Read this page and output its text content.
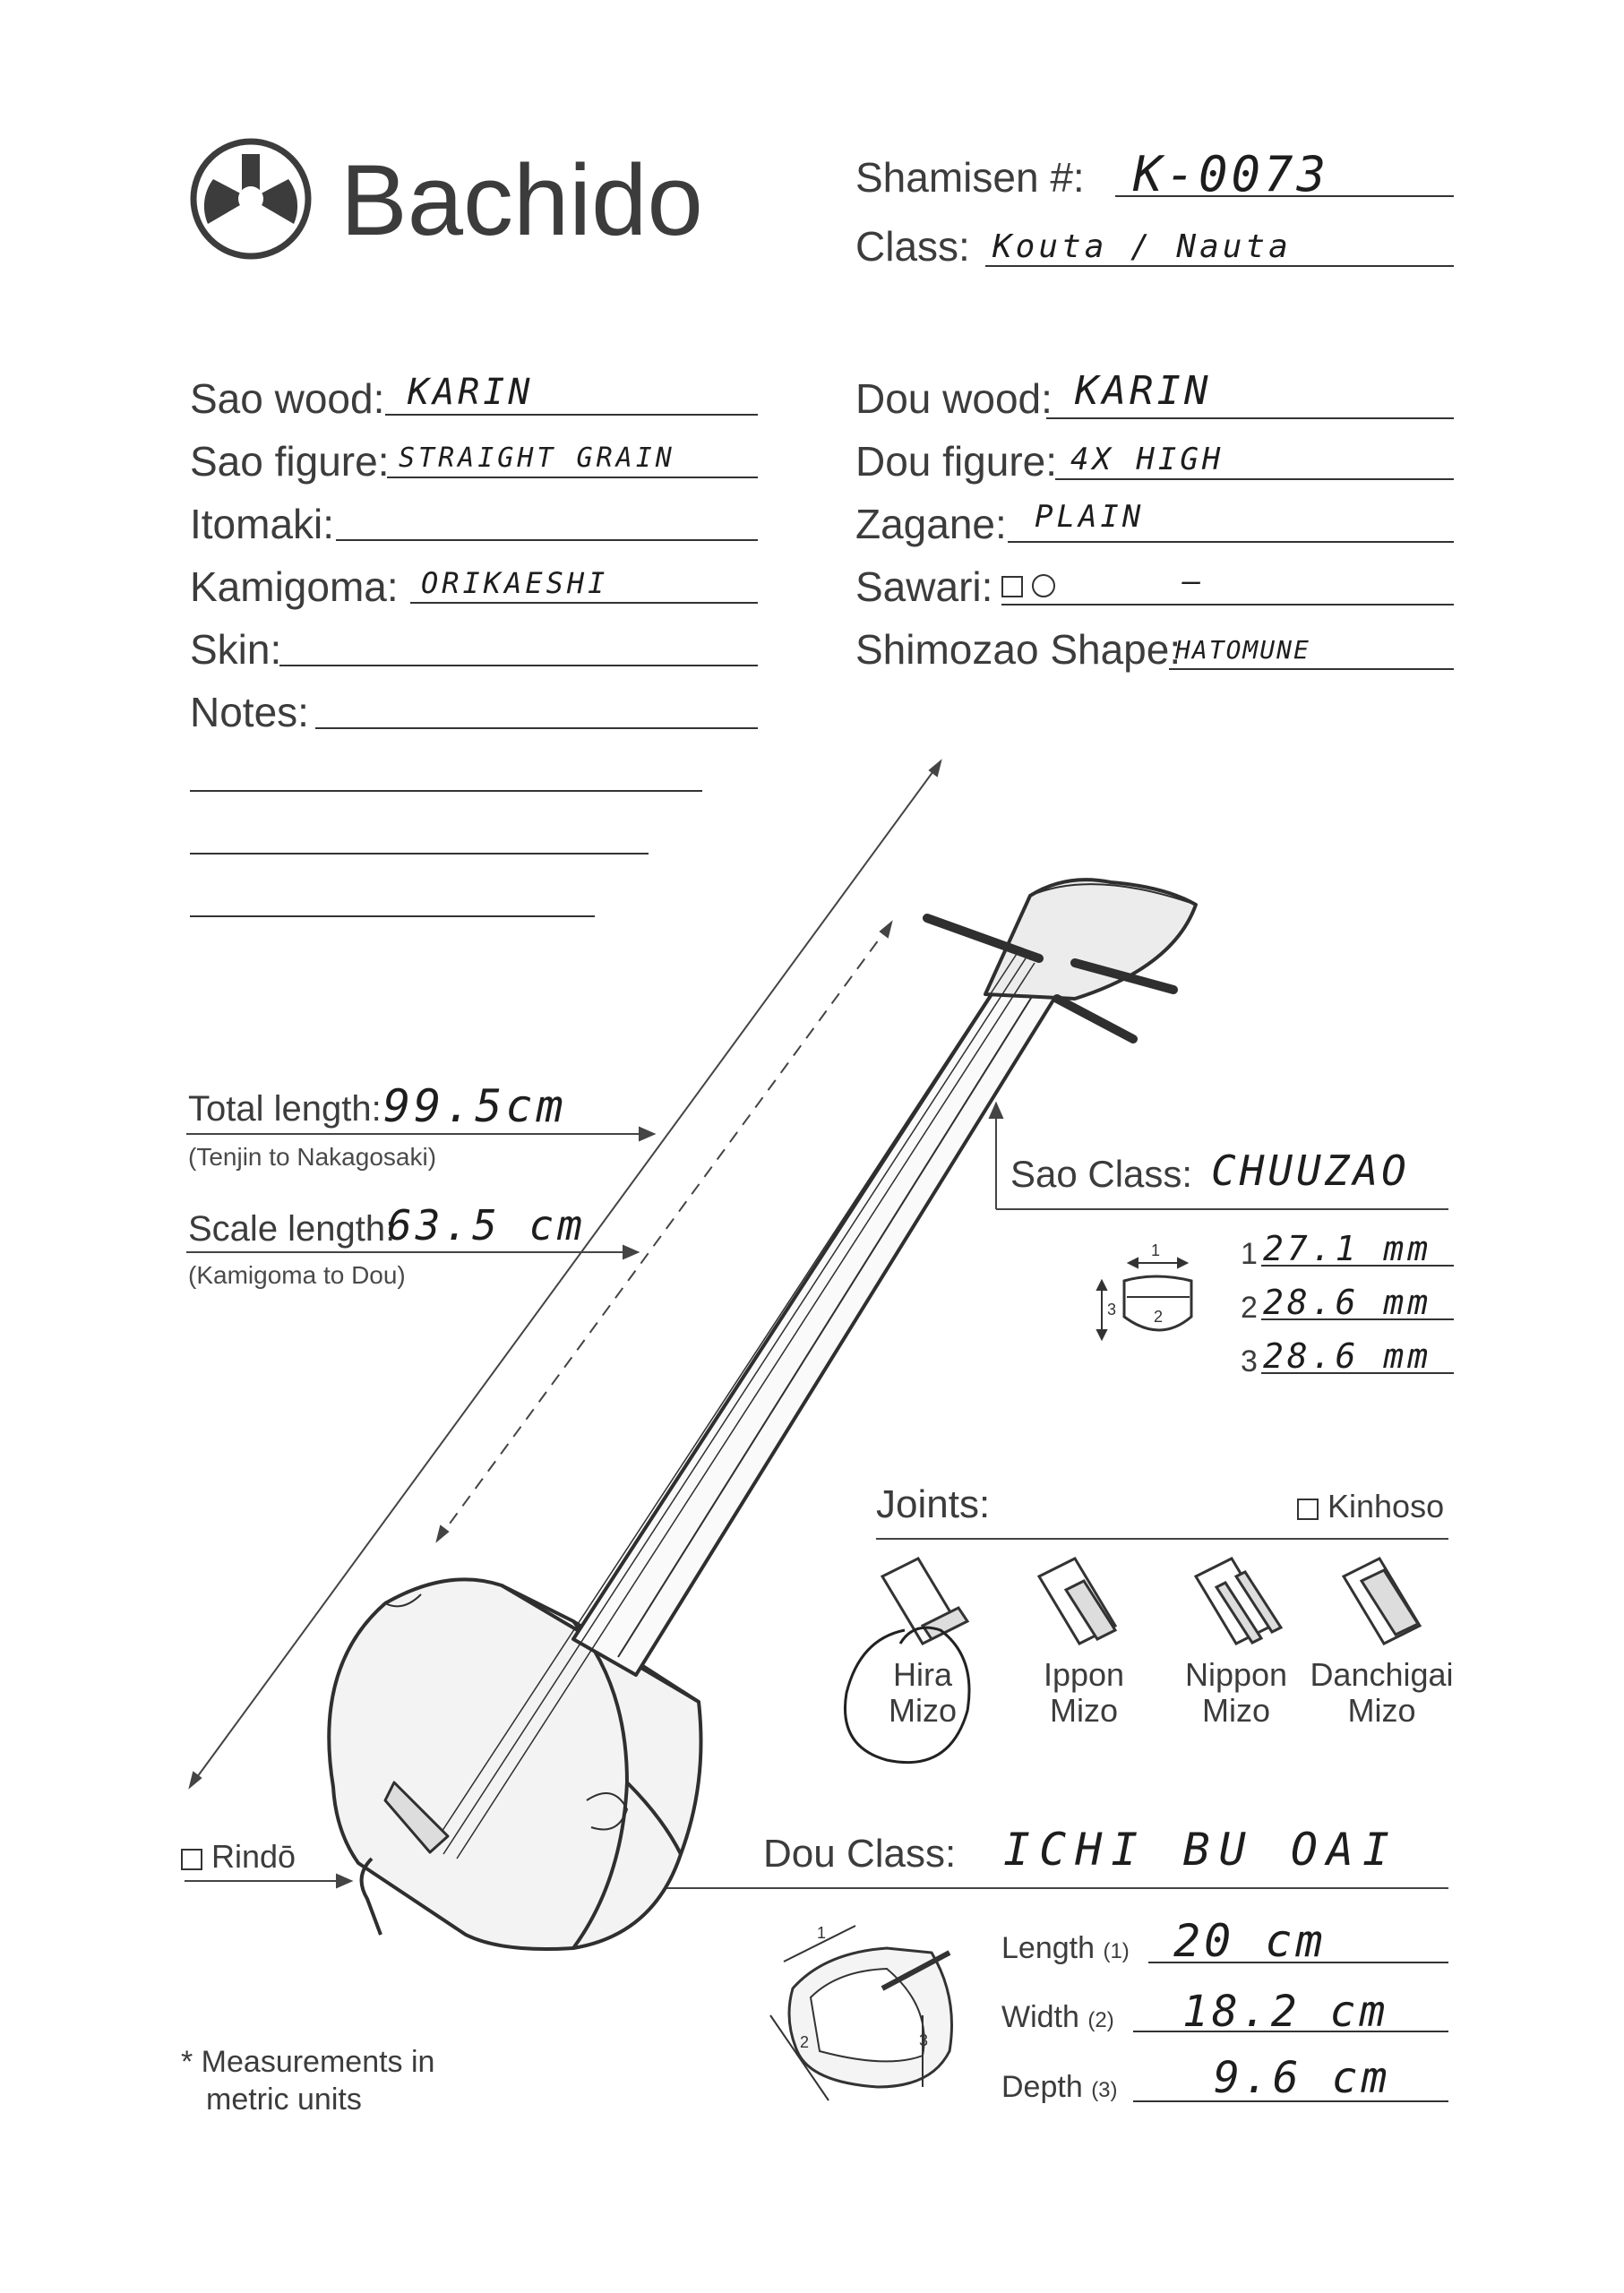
Bachido	Shamisen #: K-0073
Class: Kouta / Nauta
Sao wood: KARIN
Sao figure: STRAIGHT GRAIN
Itomaki:
Kamigoma: ORIKAESHI
Skin:
Notes:
Dou wood: KARIN
Dou figure: 4X HIGH
Zagane: PLAIN
Sawari:	—
Shimozao Shape:
HATOMUNE
Total length: 99.5cm
(Tenjin to Nakagosaki)
Scale length:
63.5 cm
(Kamigoma to Dou)
Sao Class: CHUUZAO
1
2
3
1 27.1 mm
2 28.6 mm
3 28.6 mm
Joints:	Kinhoso
Hira
Mizo
Ippon
Mizo
Nippon
Mizo
Danchigai
Mizo
Rindō	Dou Class: ICHI BU OAI
Length (1) 20 cm
Width (2) 18.2 cm
Depth (3) 9.6 cm
1
2	3
* Measurements in
metric units
